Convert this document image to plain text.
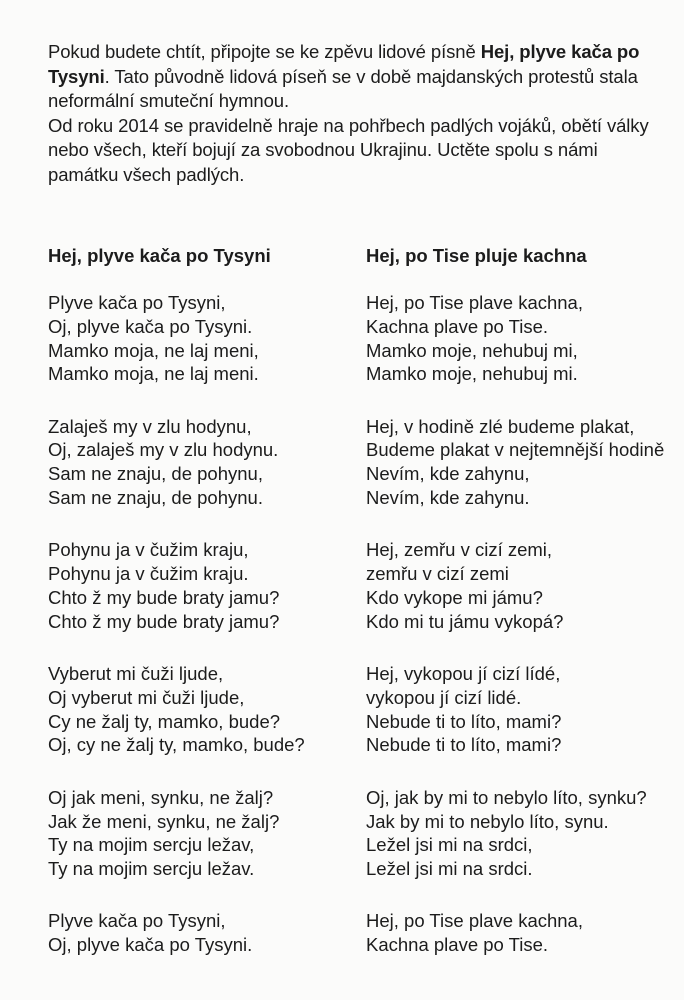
Pokud budete chtít, připojte se ke zpěvu lidové písně Hej, plyve kača po Tysyni. Tato původně lidová píseň se v době majdanských protestů stala neformální smuteční hymnou.

Od roku 2014 se pravidelně hraje na pohřbech padlých vojáků, obětí války nebo všech, kteří bojují za svobodnou Ukrajinu. Uctěte spolu s námi památku všech padlých.

Hej, plyve kača po Tysyni
Plyve kača po Tysyni,
Oj, plyve kača po Tysyni.
Mamko moja, ne laj meni,
Mamko moja, ne laj meni.
Zalaješ my v zlu hodynu,
Oj, zalaješ my v zlu hodynu.
Sam ne znaju, de pohynu,
Sam ne znaju, de pohynu.
Pohynu ja v čužim kraju,
Pohynu ja v čužim kraju.
Chto ž my bude braty jamu?
Chto ž my bude braty jamu?
Vyberut mi čuži ljude,
Oj vyberut mi čuži ljude,
Cy ne žalj ty, mamko, bude?
Oj, cy ne žalj ty, mamko, bude?
Oj jak meni, synku, ne žalj?
Jak že meni, synku, ne žalj?
Ty na mojim sercju ležav,
Ty na mojim sercju ležav.
Plyve kača po Tysyni,
Oj, plyve kača po Tysyni.
Hej, po Tise pluje kachna
Hej, po Tise plave kachna,
Kachna plave po Tise.
Mamko moje, nehubuj mi,
Mamko moje, nehubuj mi.
Hej, v hodině zlé budeme plakat,
Budeme plakat v nejtemnější hodině
Nevím, kde zahynu,
Nevím, kde zahynu.
Hej, zemřu v cizí zemi,
zemřu v cizí zemi
Kdo vykope mi jámu?
Kdo mi tu jámu vykopá?
Hej, vykopou jí cizí lídé,
vykopou jí cizí lidé.
Nebude ti to líto, mami?
Nebude ti to líto, mami?
Oj, jak by mi to nebylo líto, synku?
Jak by mi to nebylo líto, synu.
Ležel jsi mi na srdci,
Ležel jsi mi na srdci.
Hej, po Tise plave kachna,
Kachna plave po Tise.
